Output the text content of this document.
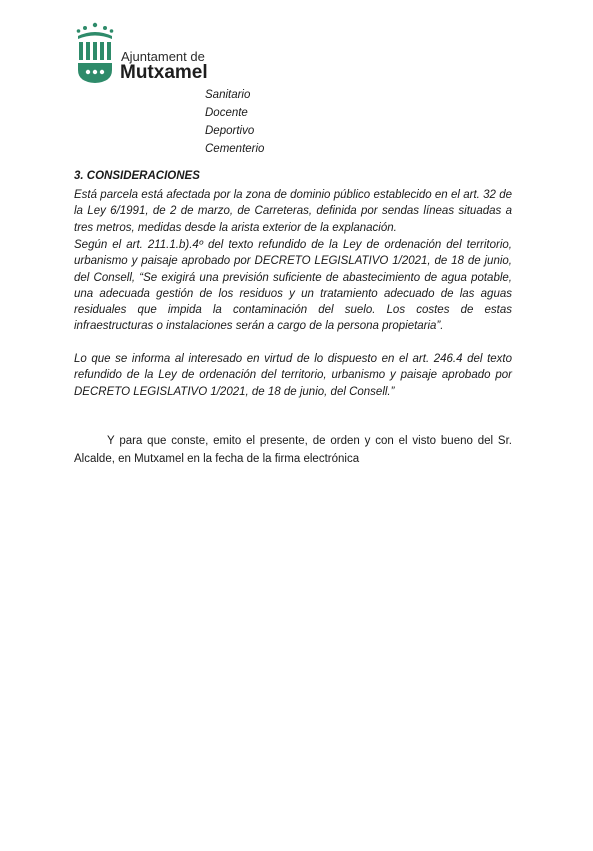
Ajuntament de
Mutxamel
Sanitario
Docente
Deportivo
Cementerio
3. CONSIDERACIONES

Está parcela está afectada por la zona de dominio público establecido en el art. 32 de la Ley 6/1991, de 2 de marzo, de Carreteras, definida por sendas líneas situadas a tres metros, medidas desde la arista exterior de la explanación.

Según el art. 211.1.b).4º del texto refundido de la Ley de ordenación del territorio, urbanismo y paisaje aprobado por DECRETO LEGISLATIVO 1/2021, de 18 de junio, del Consell, “Se exigirá una previsión suficiente de abastecimiento de agua potable, una adecuada gestión de los residuos y un tratamiento adecuado de las aguas residuales que impida la contaminación del suelo. Los costes de estas infraestructuras o instalaciones serán a cargo de la persona propietaria”.

Lo que se informa al interesado en virtud de lo dispuesto en el art. 246.4 del texto refundido de la Ley de ordenación del territorio, urbanismo y paisaje aprobado por DECRETO LEGISLATIVO 1/2021, de 18 de junio, del Consell.”

Y para que conste, emito el presente, de orden y con el visto bueno del Sr. Alcalde, en Mutxamel en la fecha de la firma electrónica
